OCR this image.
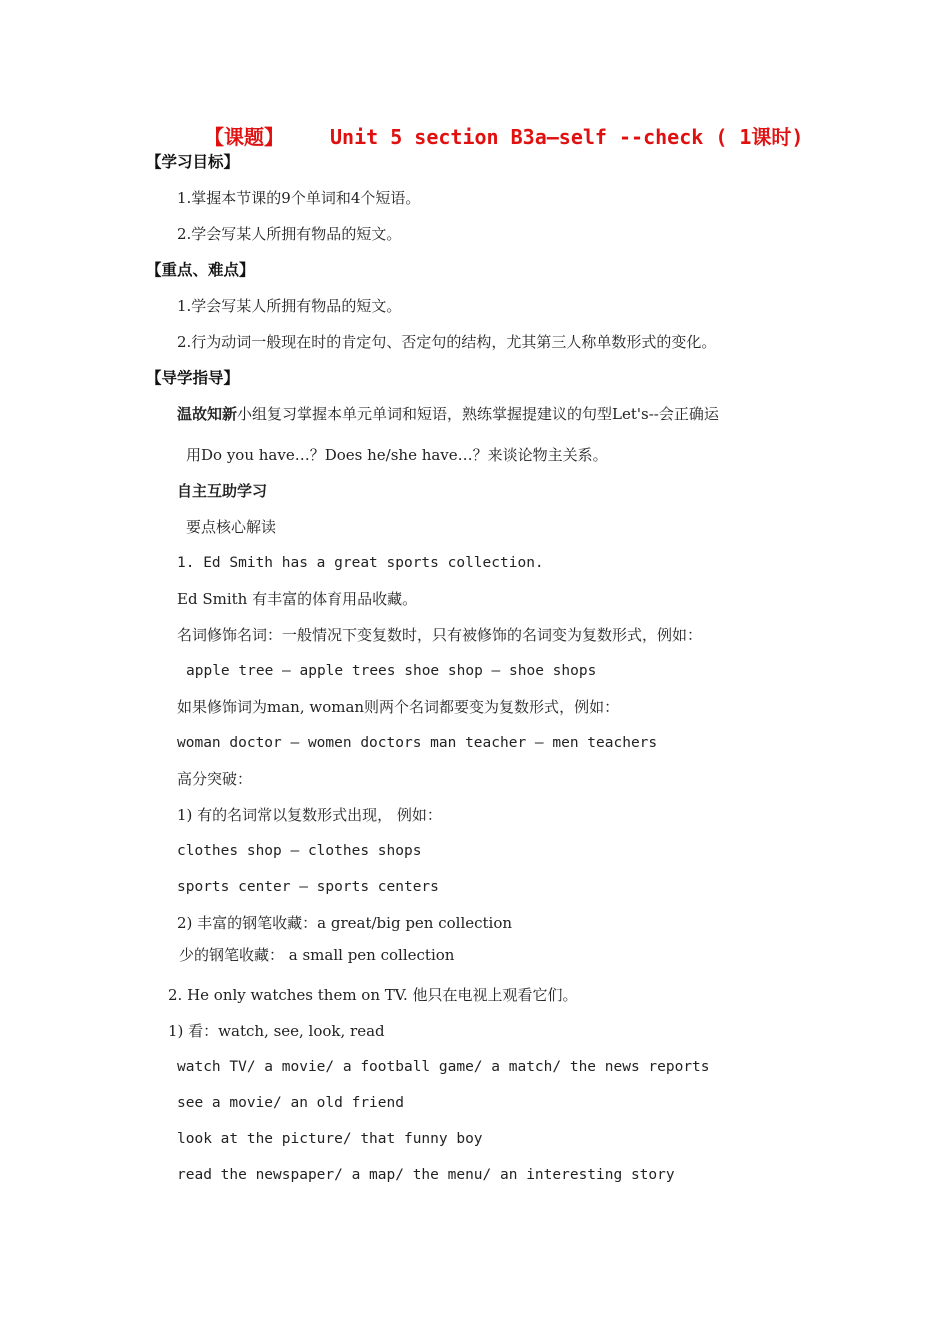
【课题】 Unit 5 section B3a—self --check ( 1课时)
【学习目标】
1.掌握本节课的9个单词和4个短语。
2.学会写某人所拥有物品的短文。
【重点、难点】
1.学会写某人所拥有物品的短文。
2.行为动词一般现在时的肯定句、否定句的结构，尤其第三人称单数形式的变化。
【导学指导】
温故知新小组复习掌握本单元单词和短语，熟练掌握提建议的句型Let's--会正确运
用Do you have…？Does he/she have…？来谈论物主关系。
自主互助学习
要点核心解读
1. Ed Smith has a great sports collection.
Ed Smith 有丰富的体育用品收藏。
名词修饰名词：一般情况下变复数时，只有被修饰的名词变为复数形式，例如：
apple tree — apple trees shoe shop — shoe shops
如果修饰词为man, woman则两个名词都要变为复数形式，例如：
woman doctor — women doctors man teacher — men teachers
高分突破：
1) 有的名词常以复数形式出现， 例如：
clothes shop — clothes shops
sports center — sports centers
2) 丰富的钢笔收藏：a great/big pen collection
少的钢笔收藏： a small pen collection
2. He only watches them on TV. 他只在电视上观看它们。
1) 看：watch, see, look, read
watch TV/ a movie/ a football game/ a match/ the news reports
see a movie/ an old friend
look at the picture/ that funny boy
read the newspaper/ a map/ the menu/ an interesting story
